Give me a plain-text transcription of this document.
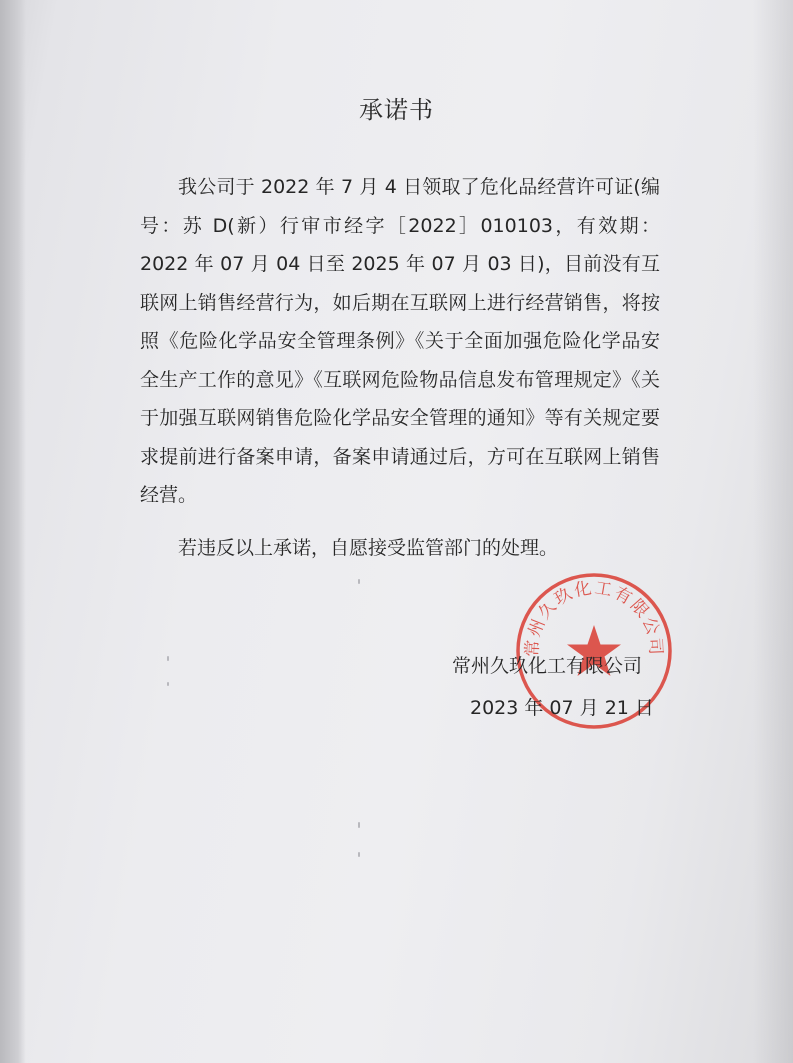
承诺书
我公司于 2022 年 7 月 4 日领取了危化品经营许可证(编号：苏 D(新）行审市经字［2022］010103，有效期：2022 年 07 月 04 日至 2025 年 07 月 03 日)，目前没有互联网上销售经营行为，如后期在互联网上进行经营销售，将按照《危险化学品安全管理条例》《关于全面加强危险化学品安全生产工作的意见》《互联网危险物品信息发布管理规定》《关于加强互联网销售危险化学品安全管理的通知》等有关规定要求提前进行备案申请，备案申请通过后，方可在互联网上销售经营。
若违反以上承诺，自愿接受监管部门的处理。
常州久玖化工有限公司
常州久玖化工有限公司
2023 年 07 月 21 日
